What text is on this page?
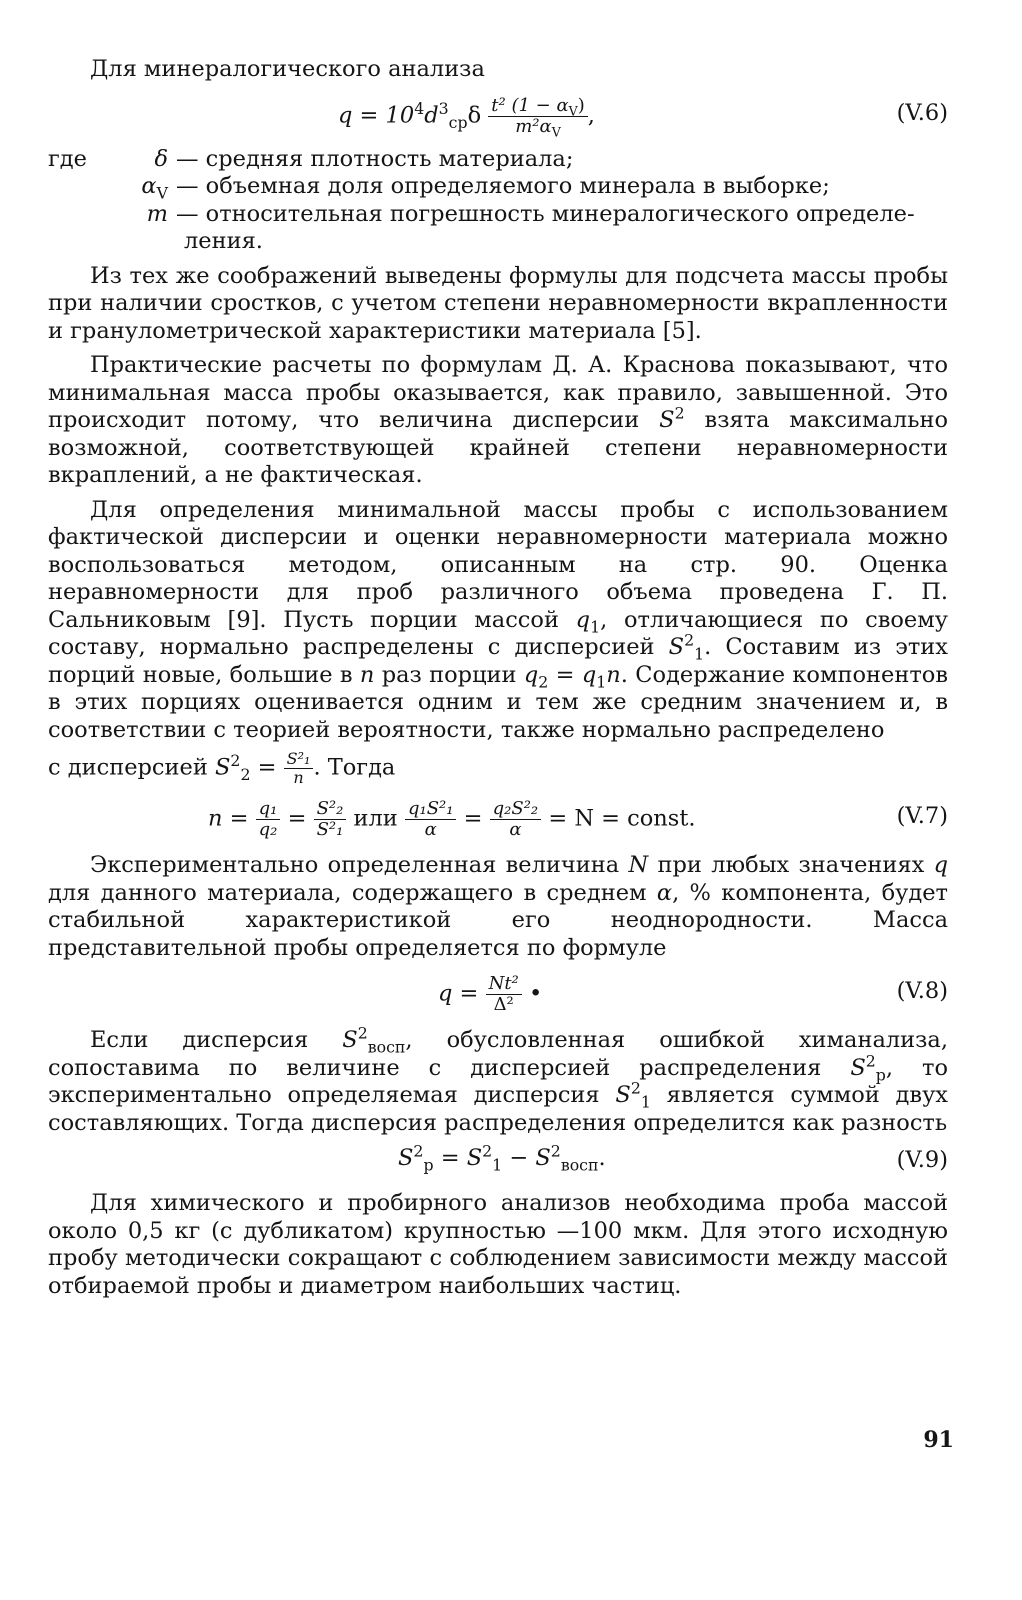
Для минералогического анализа

$q = 10^4d^3_{ср}\delta \frac{t^2 (1 - \alpha_V)}{m^2\alpha_V}$ ,	(V.6)
где	δ — средняя плотность материала;
$\alpha_V$ — объемная доля определяемого минерала в выборке;
m — относительная погрешность минералогического определе-
ления.

Из тех же соображений выведены формулы для подсчета массы пробы при наличии сростков, с учетом степени неравномерности вкрапленности и гранулометрической характеристики материала [5].

Практические расчеты по формулам Д. А. Краснова показывают, что минимальная масса пробы оказывается, как правило, завышенной. Это происходит потому, что величина дисперсии $S^2$ взята максимально возможной, соответствующей крайней степени неравномерности вкраплений, а не фактическая.

Для определения минимальной массы пробы с использованием фактической дисперсии и оценки неравномерности материала можно воспользоваться методом, описанным на стр. 90. Оценка неравномерности для проб различного объема проведена Г. П. Сальниковым [9]. Пусть порции массой $q_1$, отличающиеся по своему составу, нормально распределены с дисперсией $S^2_1$. Составим из этих порций новые, большие в n раз порции $q_2 = q_1n$. Содержание компонентов в этих порциях оценивается одним и тем же средним значением и, в соответствии с теорией вероятности, также нормально распределено

с дисперсией $S^2_2 = \frac{\text{S²₁}}{n}$ . Тогда

$n = \frac{\text{q₁}}{\text{q₂}} = \frac{\text{S²₂}}{\text{S²₁}}$ или $\frac{\text{q₁S²₁}}{\alpha} = \frac{\text{q₂S²₂}}{\alpha} = N$ = const.	(V.7)

Экспериментально определенная величина N при любых значениях q для данного материала, содержащего в среднем α, % компонента, будет стабильной характеристикой его неоднородности. Масса представительной пробы определяется по формуле

$q = \frac{\text{Nt²}}{\text{Δ²}}$ •	(V.8)

Если дисперсия $S^2_{восп}$, обусловленная ошибкой химанализа, сопоставима по величине с дисперсией распределения $S^2_р$, то экспериментально определяемая дисперсия $S^2_1$ является суммой двух составляющих. Тогда дисперсия распределения определится как разность

$S^2_р = S^2_1 - S^2_{восп}$.	(V.9)

Для химического и пробирного анализов необходима проба массой около 0,5 кг (с дубликатом) крупностью —100 мкм. Для этого исходную пробу методически сокращают с соблюдением зависимости между массой отбираемой пробы и диаметром наибольших частиц.

91
